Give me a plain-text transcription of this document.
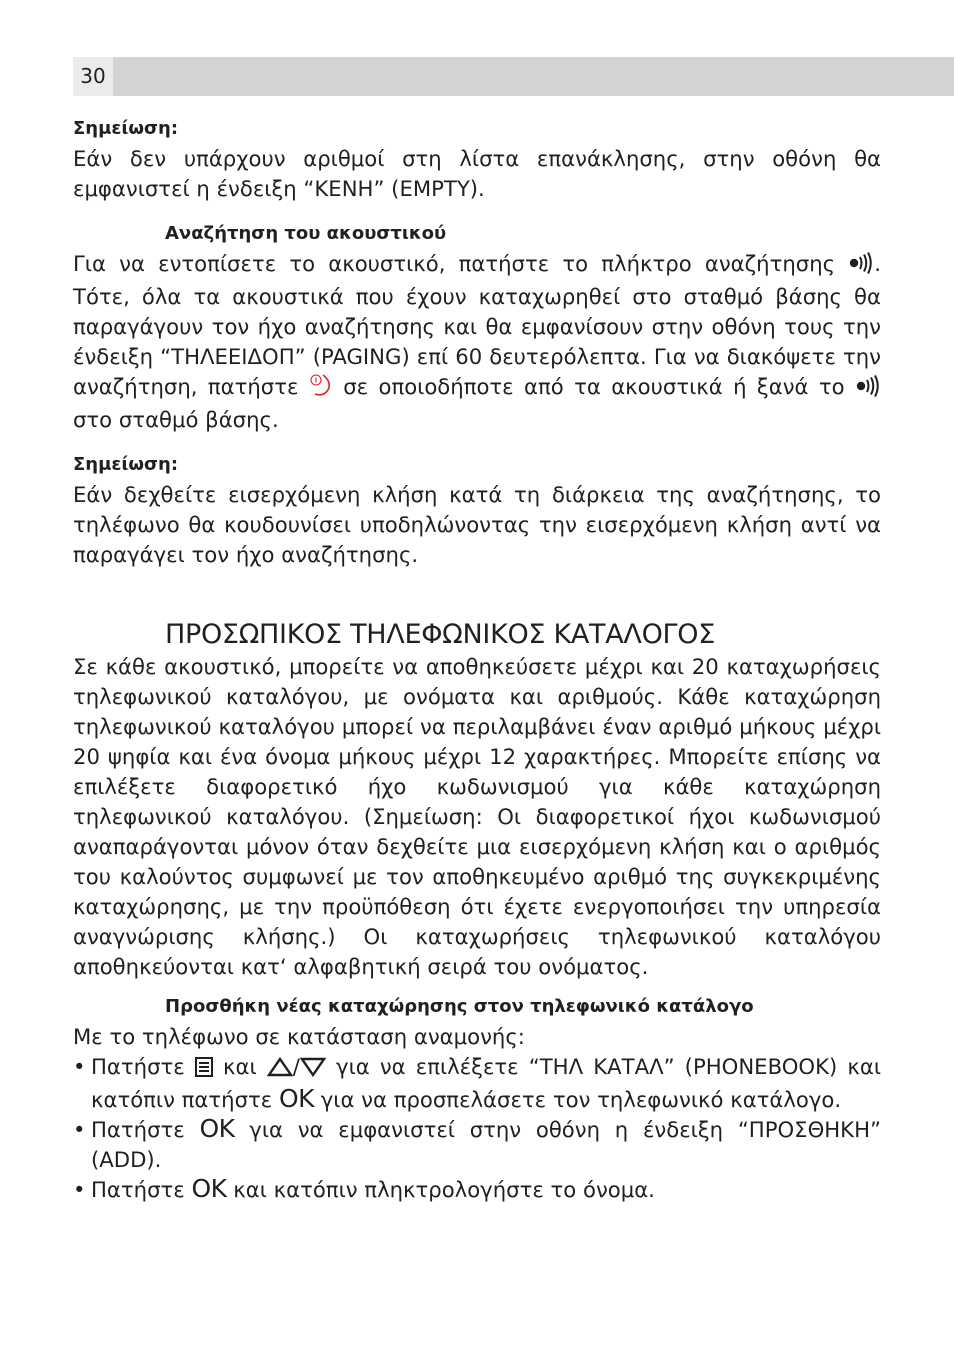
30

Σημείωση:

Εάν δεν υπάρχουν αριθμοί στη λίστα επανάκλησης, στην οθόνη θα εμφανιστεί η ένδειξη “ΚΕΝΗ” (EMPTY).

Αναζήτηση του ακουστικού

Για να εντοπίσετε το ακουστικό, πατήστε το πλήκτρο αναζήτησης . Τότε, όλα τα ακουστικά που έχουν καταχωρηθεί στο σταθμό βάσης θα παραγάγουν τον ήχο αναζήτησης και θα εμφανίσουν στην οθόνη τους την ένδειξη “ΤΗΛΕΕΙΔΟΠ” (PAGING) επί 60 δευτερόλεπτα. Για να διακόψετε την αναζήτηση, πατήστε  σε οποιοδήποτε από τα ακουστικά ή ξανά το  στο σταθμό βάσης.

Σημείωση:

Εάν δεχθείτε εισερχόμενη κλήση κατά τη διάρκεια της αναζήτησης, το τηλέφωνο θα κουδουνίσει υποδηλώνοντας την εισερχόμενη κλήση αντί να παραγάγει τον ήχο αναζήτησης.

ΠΡΟΣΩΠΙΚΟΣ ΤΗΛΕΦΩΝΙΚΟΣ ΚΑΤΑΛΟΓΟΣ

Σε κάθε ακουστικό, μπορείτε να αποθηκεύσετε μέχρι και 20 καταχωρήσεις τηλεφωνικού καταλόγου, με ονόματα και αριθμούς. Κάθε καταχώρηση τηλεφωνικού καταλόγου μπορεί να περιλαμβάνει έναν αριθμό μήκους μέχρι 20 ψηφία και ένα όνομα μήκους μέχρι 12 χαρακτήρες. Μπορείτε επίσης να επιλέξετε διαφορετικό ήχο κωδωνισμού για κάθε καταχώρηση τηλεφωνικού καταλόγου. (Σημείωση: Οι διαφορετικοί ήχοι κωδωνισμού αναπαράγονται μόνον όταν δεχθείτε μια εισερχόμενη κλήση και ο αριθμός του καλούντος συμφωνεί με τον αποθηκευμένο αριθμό της συγκεκριμένης καταχώρησης, με την προϋπόθεση ότι έχετε ενεργοποιήσει την υπηρεσία αναγνώρισης κλήσης.) Οι καταχωρήσεις τηλεφωνικού καταλόγου αποθηκεύονται κατ‘ αλφαβητική σειρά του ονόματος.

Προσθήκη νέας καταχώρησης στον τηλεφωνικό κατάλογο

Με το τηλέφωνο σε κατάσταση αναμονής:

• Πατήστε  και / για να επιλέξετε “ΤΗΛ ΚΑΤΑΛ” (PHONEBOOK) και κατόπιν πατήστε OK για να προσπελάσετε τον τηλεφωνικό κατάλογο.

• Πατήστε OK για να εμφανιστεί στην οθόνη η ένδειξη “ΠΡΟΣΘΗΚΗ” (ADD).

• Πατήστε OK και κατόπιν πληκτρολογήστε το όνομα.
